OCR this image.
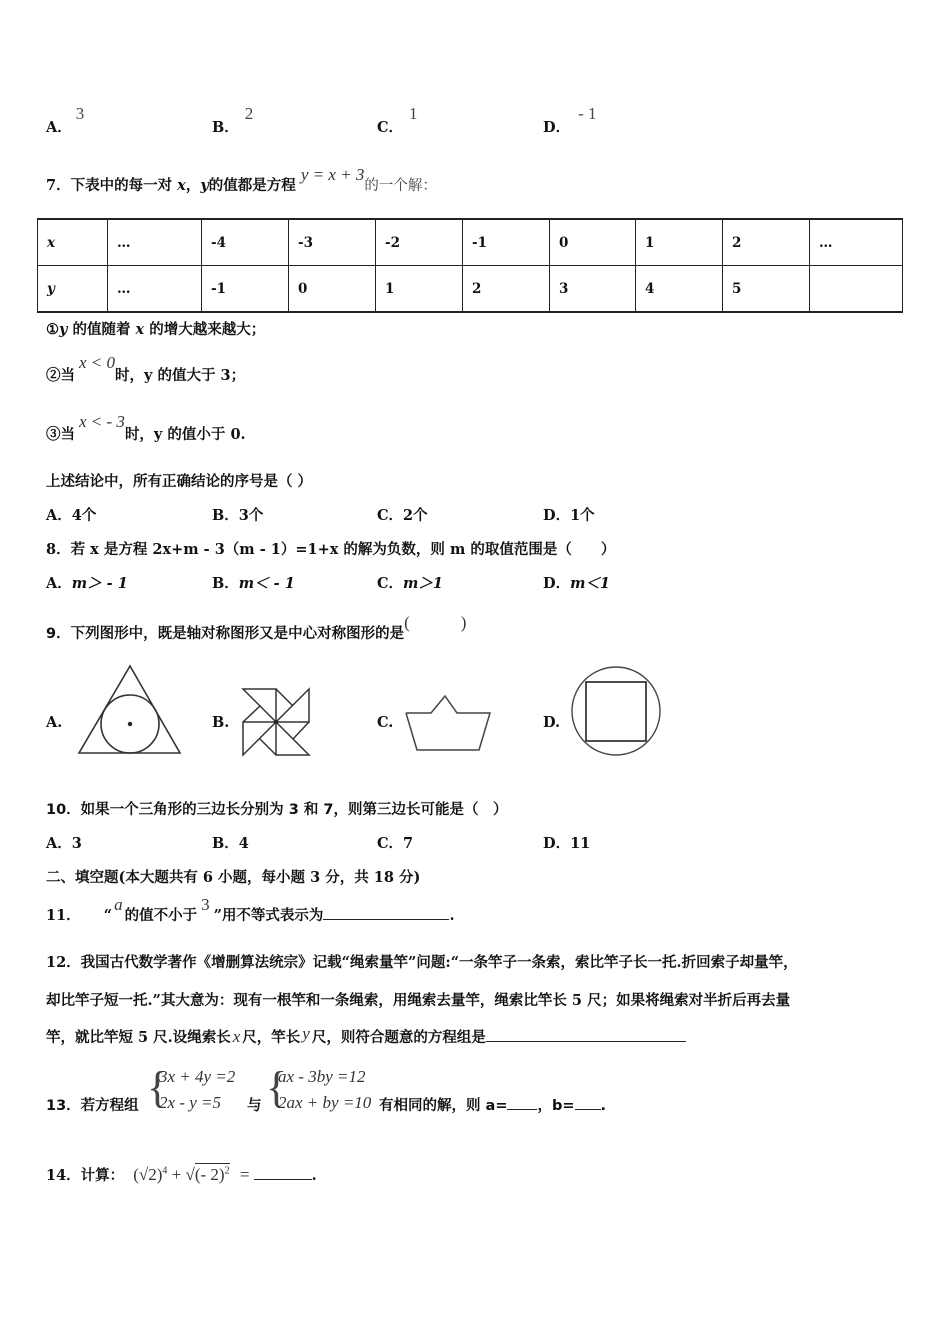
A．3
B．2
C．1
D．- 1
7．下表中的每一对 x，y的值都是方程 y = x + 3的一个解：
x	…	-4	-3	-2	-1	0	1	2	…
y	…	-1	0	1	2	3	4	5	
①y 的值随着 x 的增大越来越大；
②当x < 0时，y 的值大于 3；
③当x < - 3时，y 的值小于 0.
上述结论中，所有正确结论的序号是（ ）
A．4个	B．3个	C．2个	D．1个
8．若 x 是方程 2x+m - 3（m - 1）=1+x 的解为负数，则 m 的取值范围是（　　）
A．m＞ - 1	B．m＜ - 1	C．m＞1	D．m＜1
9．下列图形中，既是轴对称图形又是中心对称图形的是(　　　)
A.	B.	C.	D.
10．如果一个三角形的三边长分别为 3 和 7，则第三边长可能是（　）
A．3	B．4	C．7	D．11
二、填空题(本大题共有 6 小题，每小题 3 分，共 18 分)
11． “a的值不小于3”用不等式表示为	.
12．我国古代数学著作《增删算法统宗》记载“绳索量竿”问题:“一条竿子一条索，索比竿子长一托.折回索子却量竿，
却比竿子短一托.”其大意为：现有一根竿和一条绳索，用绳索去量竿，绳索比竿长 5 尺；如果将绳索对半折后再去量
竿，就比竿短 5 尺.设绳索长 x 尺，竿长 y 尺，则符合题意的方程组是
13．若方程组 {
3x + 4y =2
2x - y =5 与 {
ax - 3by =12
2ax + by =10 有相同的解，则 a= ，b= .
14．计算： $(√2)^4$ + √(- 2)$^2$ =	.
